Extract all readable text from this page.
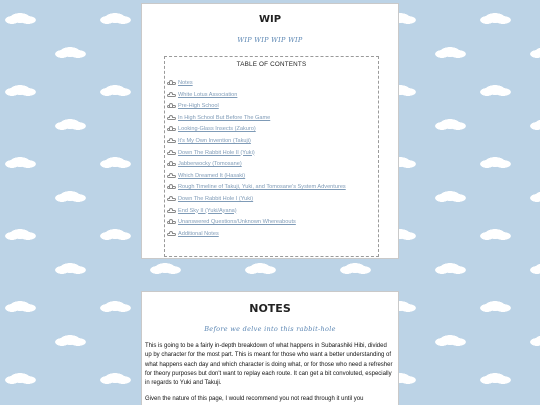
WIP
WIP WIP WIP WIP
TABLE OF CONTENTS
Notes
White Lotus Association
Pre-High School
In High School But Before The Game
Looking-Glass Insects (Zakuro)
It's My Own Invention (Takuji)
Down The Rabbit Hole II (Yuki)
Jabberwocky (Tomosane)
Which Dreamed It (Hasaki)
Rough Timeline of Takuji, Yuki, and Tomosane's System Adventures
Down The Rabbit Hole I (Yuki)
End Sky II (Yuki/Ayana)
Unanswered Questions/Unknown Whereabouts
Additional Notes
NOTES
Before we delve into this rabbit-hole

This is going to be a fairly in-depth breakdown of what happens in Subarashiki Hibi, divided up by character for the most part. This is meant for those who want a better understanding of what happens each day and which character is doing what, or for those who need a refresher for theory purposes but don't want to replay each route. It can get a bit convoluted, especially in regards to Yuki and Takuji.

Given the nature of this page, I would recommend you not read through it until you
